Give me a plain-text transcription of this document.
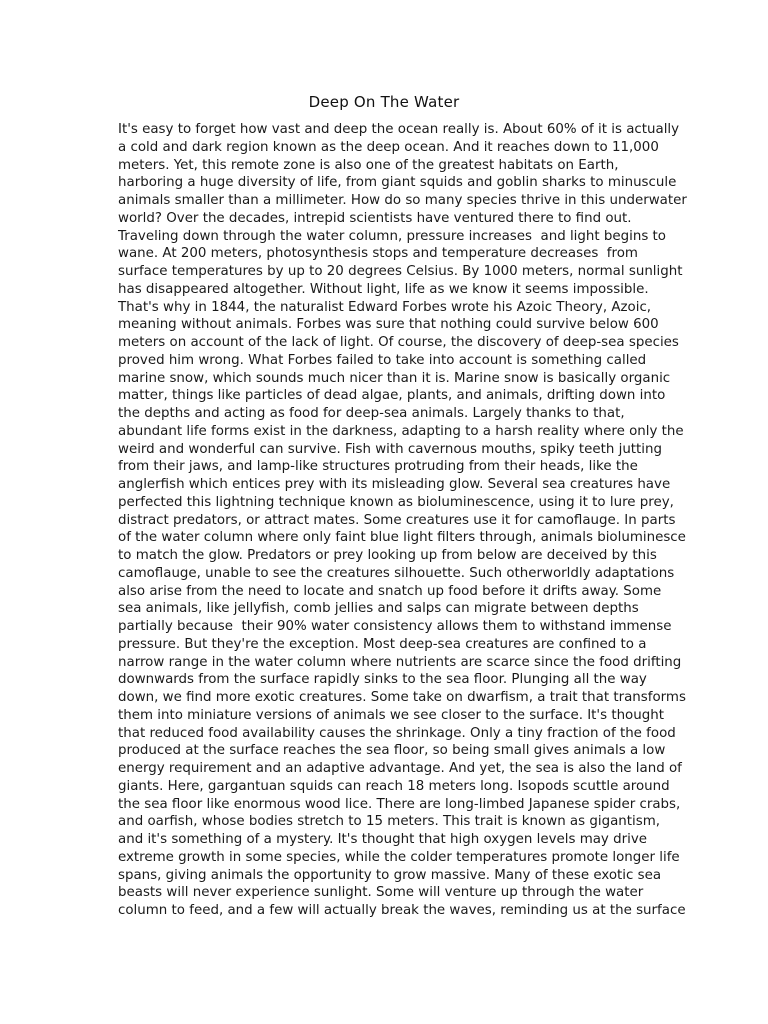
Deep On The Water
It's easy to forget how vast and deep the ocean really is. About 60% of it is actually
a cold and dark region known as the deep ocean. And it reaches down to 11,000
meters. Yet, this remote zone is also one of the greatest habitats on Earth,
harboring a huge diversity of life, from giant squids and goblin sharks to minuscule
animals smaller than a millimeter. How do so many species thrive in this underwater
world? Over the decades, intrepid scientists have ventured there to find out.
Traveling down through the water column, pressure increases  and light begins to
wane. At 200 meters, photosynthesis stops and temperature decreases  from
surface temperatures by up to 20 degrees Celsius. By 1000 meters, normal sunlight
has disappeared altogether. Without light, life as we know it seems impossible.
That's why in 1844, the naturalist Edward Forbes wrote his Azoic Theory, Azoic,
meaning without animals. Forbes was sure that nothing could survive below 600
meters on account of the lack of light. Of course, the discovery of deep-sea species
proved him wrong. What Forbes failed to take into account is something called
marine snow, which sounds much nicer than it is. Marine snow is basically organic
matter, things like particles of dead algae, plants, and animals, drifting down into
the depths and acting as food for deep-sea animals. Largely thanks to that,
abundant life forms exist in the darkness, adapting to a harsh reality where only the
weird and wonderful can survive. Fish with cavernous mouths, spiky teeth jutting
from their jaws, and lamp-like structures protruding from their heads, like the
anglerfish which entices prey with its misleading glow. Several sea creatures have
perfected this lightning technique known as bioluminescence, using it to lure prey,
distract predators, or attract mates. Some creatures use it for camoflauge. In parts
of the water column where only faint blue light filters through, animals bioluminesce
to match the glow. Predators or prey looking up from below are deceived by this
camoflauge, unable to see the creatures silhouette. Such otherworldly adaptations
also arise from the need to locate and snatch up food before it drifts away. Some
sea animals, like jellyfish, comb jellies and salps can migrate between depths
partially because  their 90% water consistency allows them to withstand immense
pressure. But they're the exception. Most deep-sea creatures are confined to a
narrow range in the water column where nutrients are scarce since the food drifting
downwards from the surface rapidly sinks to the sea floor. Plunging all the way
down, we find more exotic creatures. Some take on dwarfism, a trait that transforms
them into miniature versions of animals we see closer to the surface. It's thought
that reduced food availability causes the shrinkage. Only a tiny fraction of the food
produced at the surface reaches the sea floor, so being small gives animals a low
energy requirement and an adaptive advantage. And yet, the sea is also the land of
giants. Here, gargantuan squids can reach 18 meters long. Isopods scuttle around
the sea floor like enormous wood lice. There are long-limbed Japanese spider crabs,
and oarfish, whose bodies stretch to 15 meters. This trait is known as gigantism,
and it's something of a mystery. It's thought that high oxygen levels may drive
extreme growth in some species, while the colder temperatures promote longer life
spans, giving animals the opportunity to grow massive. Many of these exotic sea
beasts will never experience sunlight. Some will venture up through the water
column to feed, and a few will actually break the waves, reminding us at the surface
